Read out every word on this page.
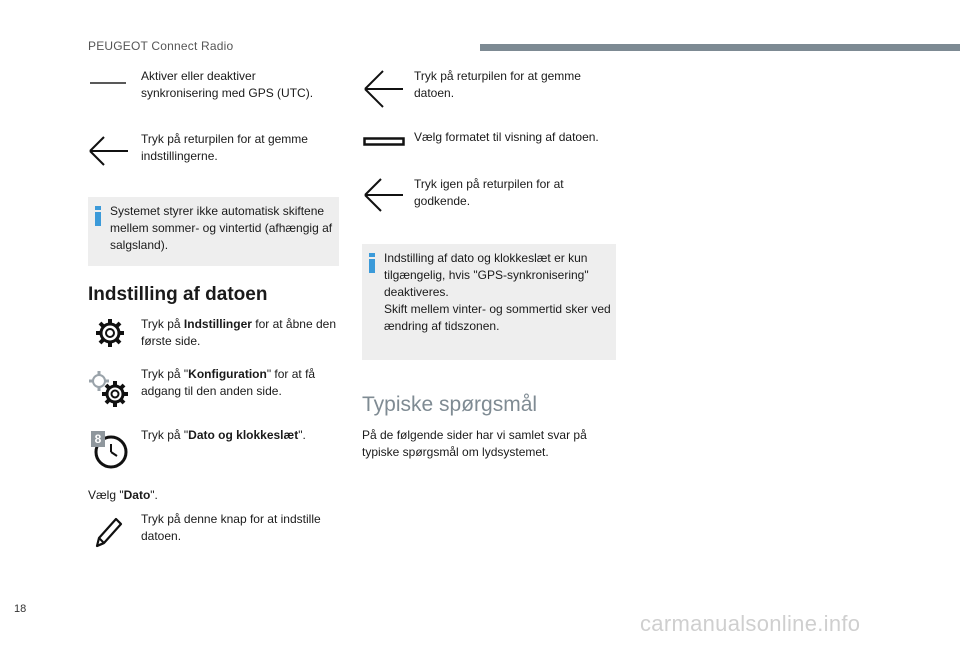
PEUGEOT Connect Radio
Aktiver eller deaktiver synkronisering med GPS (UTC).
Tryk på returpilen for at gemme indstillingerne.
Systemet styrer ikke automatisk skiftene mellem sommer- og vintertid (afhængig af salgsland).
Indstilling af datoen
Tryk på Indstillinger for at åbne den første side.
Tryk på "Konfiguration" for at få adgang til den anden side.
8	Tryk på "Dato og klokkeslæt".
Vælg "Dato".
Tryk på denne knap for at indstille datoen.
Tryk på returpilen for at gemme datoen.
Vælg formatet til visning af datoen.
Tryk igen på returpilen for at godkende.
Indstilling af dato og klokkeslæt er kun tilgængelig, hvis "GPS-synkronisering" deaktiveres.
Skift mellem vinter- og sommertid sker ved ændring af tidszonen.
Typiske spørgsmål
På de følgende sider har vi samlet svar på typiske spørgsmål om lydsystemet.
18
carmanualsonline.info
